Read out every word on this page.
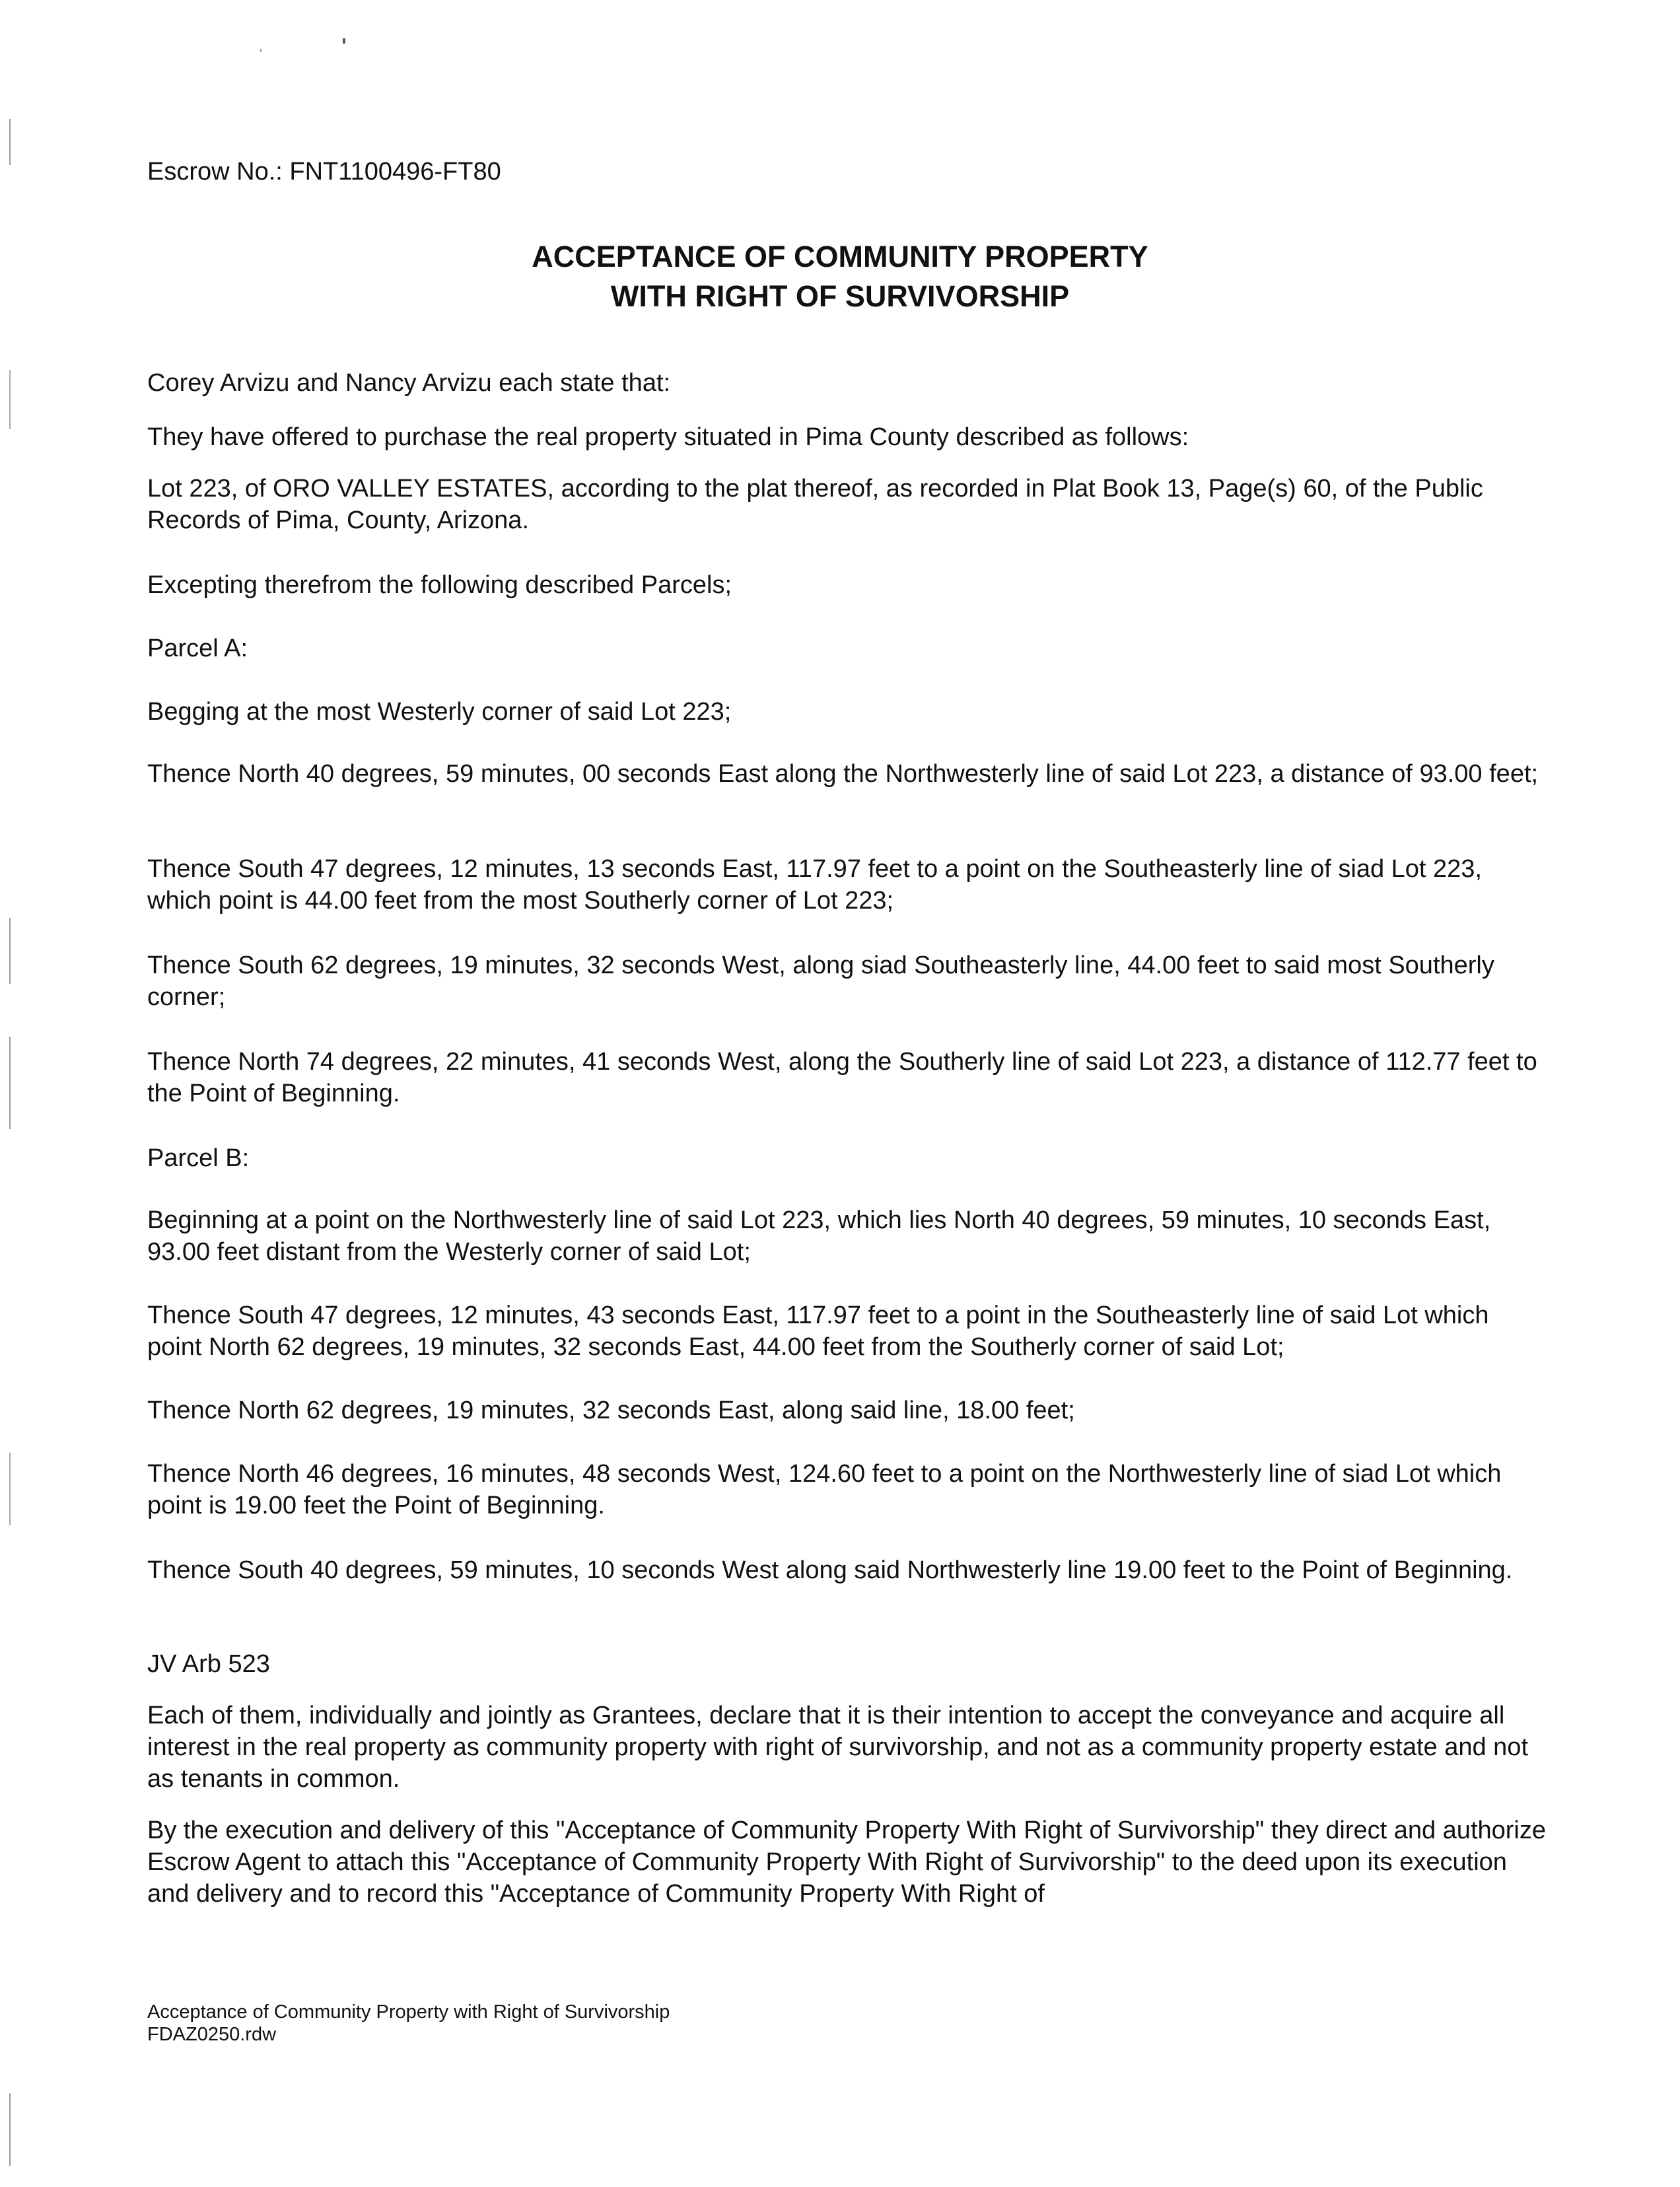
Escrow No.: FNT1100496-FT80

ACCEPTANCE OF COMMUNITY PROPERTY
WITH RIGHT OF SURVIVORSHIP

Corey Arvizu and Nancy Arvizu each state that:

They have offered to purchase the real property situated in Pima County described as follows:

Lot 223, of ORO VALLEY ESTATES, according to the plat thereof, as recorded in Plat Book 13, Page(s) 60, of the Public Records of Pima, County, Arizona.

Excepting therefrom the following described Parcels;

Parcel A:

Begging at the most Westerly corner of said Lot 223;

Thence North 40 degrees, 59 minutes, 00 seconds East along the Northwesterly line of said Lot 223, a distance of 93.00 feet;

Thence South 47 degrees, 12 minutes, 13 seconds East, 117.97 feet to a point on the Southeasterly line of siad Lot 223, which point is 44.00 feet from the most Southerly corner of Lot 223;

Thence South 62 degrees, 19 minutes, 32 seconds West, along siad Southeasterly line, 44.00 feet to said most Southerly corner;

Thence North 74 degrees, 22 minutes, 41 seconds West, along the Southerly line of said Lot 223, a distance of 112.77 feet to the Point of Beginning.

Parcel B:

Beginning at a point on the Northwesterly line of said Lot 223, which lies North 40 degrees, 59 minutes, 10 seconds East, 93.00 feet distant from the Westerly corner of said Lot;

Thence South 47 degrees, 12 minutes, 43 seconds East, 117.97 feet to a point in the Southeasterly line of said Lot which point North 62 degrees, 19 minutes, 32 seconds East, 44.00 feet from the Southerly corner of said Lot;

Thence North 62 degrees, 19 minutes, 32 seconds East, along said line, 18.00 feet;

Thence North 46 degrees, 16 minutes, 48 seconds West, 124.60 feet to a point on the Northwesterly line of siad Lot which point is 19.00 feet the Point of Beginning.

Thence South 40 degrees, 59 minutes, 10 seconds West along said Northwesterly line 19.00 feet to the Point of Beginning.

JV Arb 523

Each of them, individually and jointly as Grantees, declare that it is their intention to accept the conveyance and acquire all interest in the real property as community property with right of survivorship, and not as a community property estate and not as tenants in common.

By the execution and delivery of this "Acceptance of Community Property With Right of Survivorship" they direct and authorize Escrow Agent to attach this "Acceptance of Community Property With Right of Survivorship" to the deed upon its execution and delivery and to record this "Acceptance of Community Property With Right of

Acceptance of Community Property with Right of Survivorship

FDAZ0250.rdw
